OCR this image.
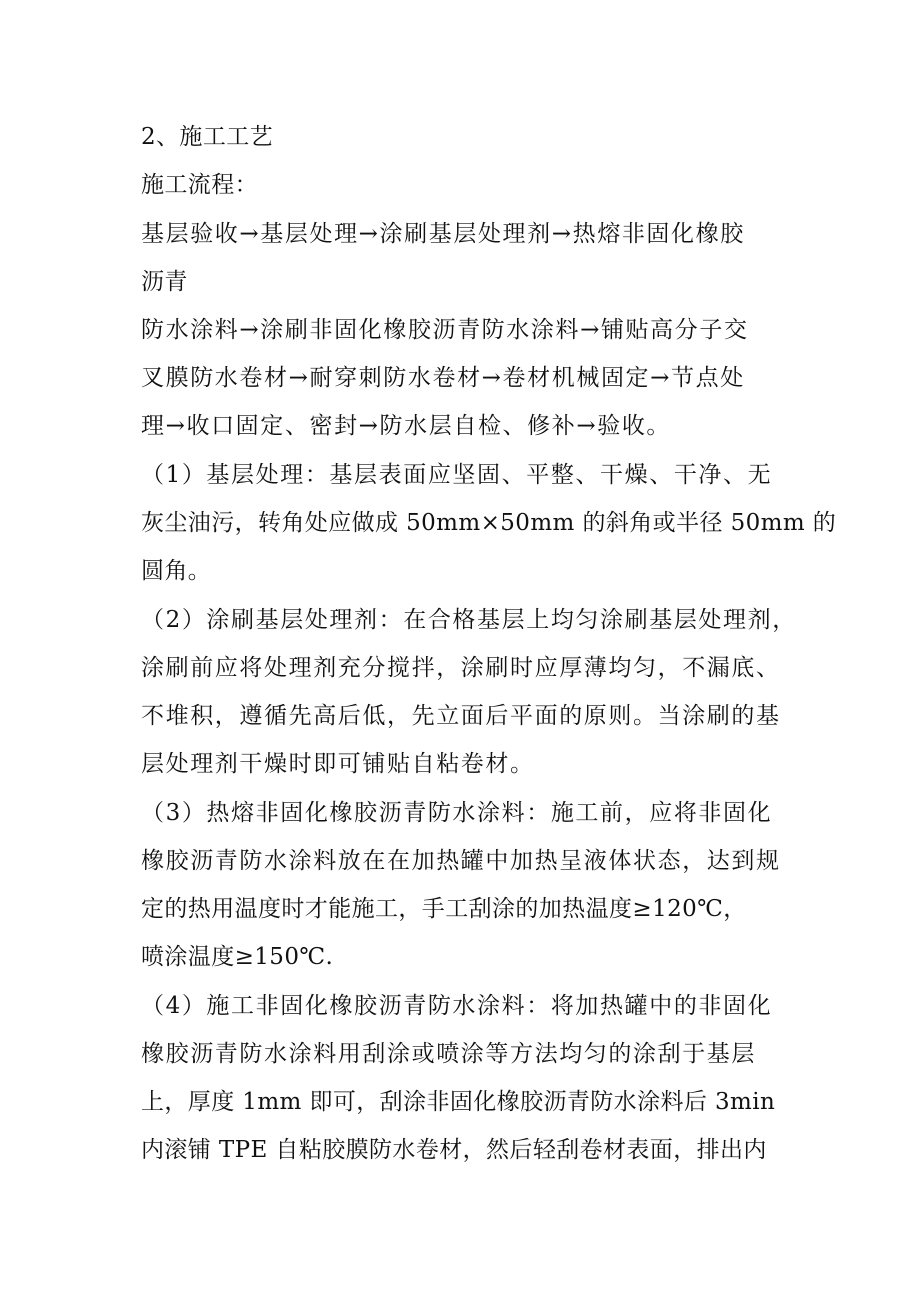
2、施工工艺
施工流程：
基层验收→基层处理→涂刷基层处理剂→热熔非固化橡胶
沥青
防水涂料→涂刷非固化橡胶沥青防水涂料→铺贴高分子交
叉膜防水卷材→耐穿刺防水卷材→卷材机械固定→节点处
理→收口固定、密封→防水层自检、修补→验收。
（1）基层处理：基层表面应坚固、平整、干燥、干净、无
灰尘油污，转角处应做成 50mm×50mm 的斜角或半径 50mm 的
圆角。
（2）涂刷基层处理剂：在合格基层上均匀涂刷基层处理剂，
涂刷前应将处理剂充分搅拌，涂刷时应厚薄均匀，不漏底、
不堆积，遵循先高后低，先立面后平面的原则。当涂刷的基
层处理剂干燥时即可铺贴自粘卷材。
（3）热熔非固化橡胶沥青防水涂料：施工前，应将非固化
橡胶沥青防水涂料放在在加热罐中加热呈液体状态，达到规
定的热用温度时才能施工，手工刮涂的加热温度≥120℃，
喷涂温度≥150℃.
（4）施工非固化橡胶沥青防水涂料：将加热罐中的非固化
橡胶沥青防水涂料用刮涂或喷涂等方法均匀的涂刮于基层
上，厚度 1mm 即可，刮涂非固化橡胶沥青防水涂料后 3min
内滚铺 TPE 自粘胶膜防水卷材，然后轻刮卷材表面，排出内
